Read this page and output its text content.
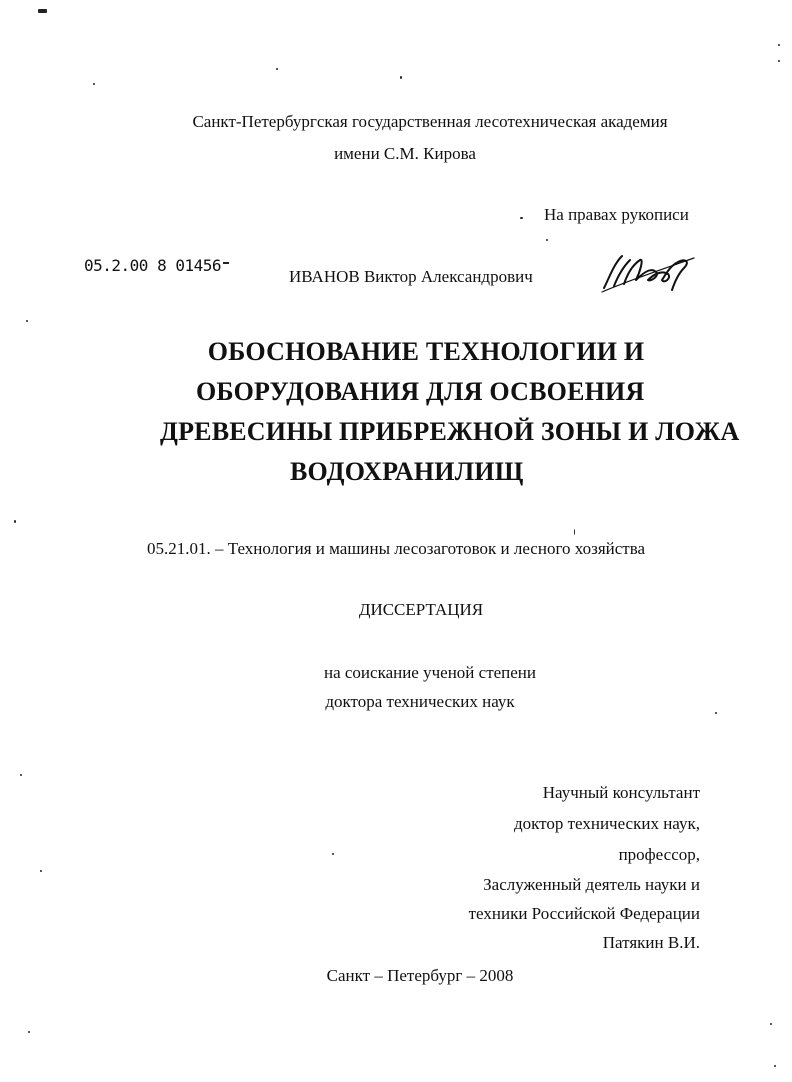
Санкт-Петербургская государственная лесотехническая академия
имени С.М. Кирова
На правах рукописи
05.2.00 8 01456
ИВАНОВ Виктор Александрович
ОБОСНОВАНИЕ ТЕХНОЛОГИИ И
ОБОРУДОВАНИЯ ДЛЯ ОСВОЕНИЯ
ДРЕВЕСИНЫ ПРИБРЕЖНОЙ ЗОНЫ И ЛОЖА
ВОДОХРАНИЛИЩ
05.21.01. – Технология и машины лесозаготовок и лесного хозяйства
ДИССЕРТАЦИЯ
на соискание ученой степени
доктора технических наук
Научный консультант
доктор технических наук,
профессор,
Заслуженный деятель науки и
техники Российской Федерации
Патякин В.И.
Санкт – Петербург – 2008
